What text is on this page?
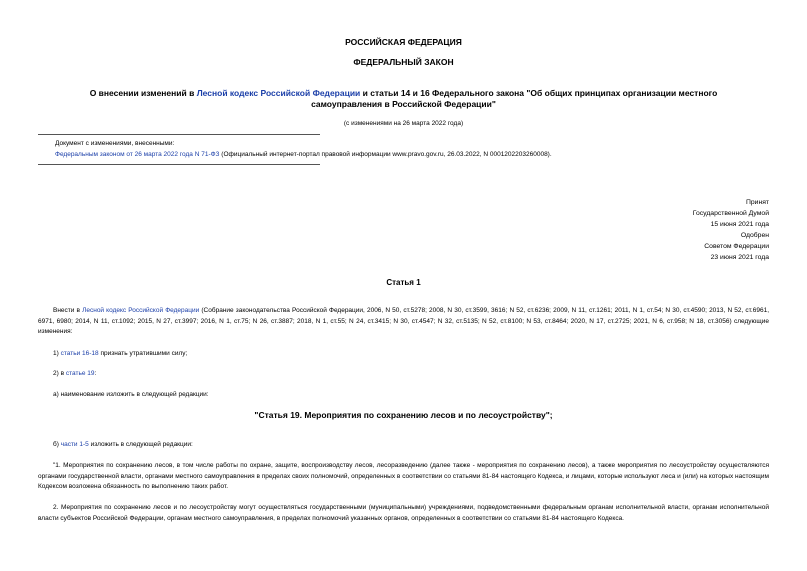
РОССИЙСКАЯ ФЕДЕРАЦИЯ
ФЕДЕРАЛЬНЫЙ ЗАКОН
О внесении изменений в Лесной кодекс Российской Федерации и статьи 14 и 16 Федерального закона "Об общих принципах организации местного самоуправления в Российской Федерации"
(с изменениями на 26 марта 2022 года)
Документ с изменениями, внесенными:
Федеральным законом от 26 марта 2022 года N 71-ФЗ (Официальный интернет-портал правовой информации www.pravo.gov.ru, 26.03.2022, N 0001202203260008).
Принят
Государственной Думой
15 июня 2021 года
Одобрен
Советом Федерации
23 июня 2021 года
Статья 1
Внести в Лесной кодекс Российской Федерации (Собрание законодательства Российской Федерации, 2006, N 50, ст.5278; 2008, N 30, ст.3599, 3616; N 52, ст.6236; 2009, N 11, ст.1261; 2011, N 1, ст.54; N 30, ст.4590; 2013, N 52, ст.6961, 6971, 6980; 2014, N 11, ст.1092; 2015, N 27, ст.3997; 2016, N 1, ст.75; N 26, ст.3887; 2018, N 1, ст.55; N 24, ст.3415; N 30, ст.4547; N 32, ст.5135; N 52, ст.8100; N 53, ст.8464; 2020, N 17, ст.2725; 2021, N 6, ст.958; N 18, ст.3056) следующие изменения:
1) статьи 16-18 признать утратившими силу;
2) в статье 19:
а) наименование изложить в следующей редакции:
"Статья 19. Мероприятия по сохранению лесов и по лесоустройству";
б) части 1-5 изложить в следующей редакции:
"1. Мероприятия по сохранению лесов, в том числе работы по охране, защите, воспроизводству лесов, лесоразведению (далее также - мероприятия по сохранению лесов), а также мероприятия по лесоустройству осуществляются органами государственной власти, органами местного самоуправления в пределах своих полномочий, определенных в соответствии со статьями 81-84 настоящего Кодекса, и лицами, которые используют леса и (или) на которых настоящим Кодексом возложена обязанность по выполнению таких работ.
2. Мероприятия по сохранению лесов и по лесоустройству могут осуществляться государственными (муниципальными) учреждениями, подведомственными федеральным органам исполнительной власти, органам исполнительной власти субъектов Российской Федерации, органам местного самоуправления, в пределах полномочий указанных органов, определенных в соответствии со статьями 81-84 настоящего Кодекса.
